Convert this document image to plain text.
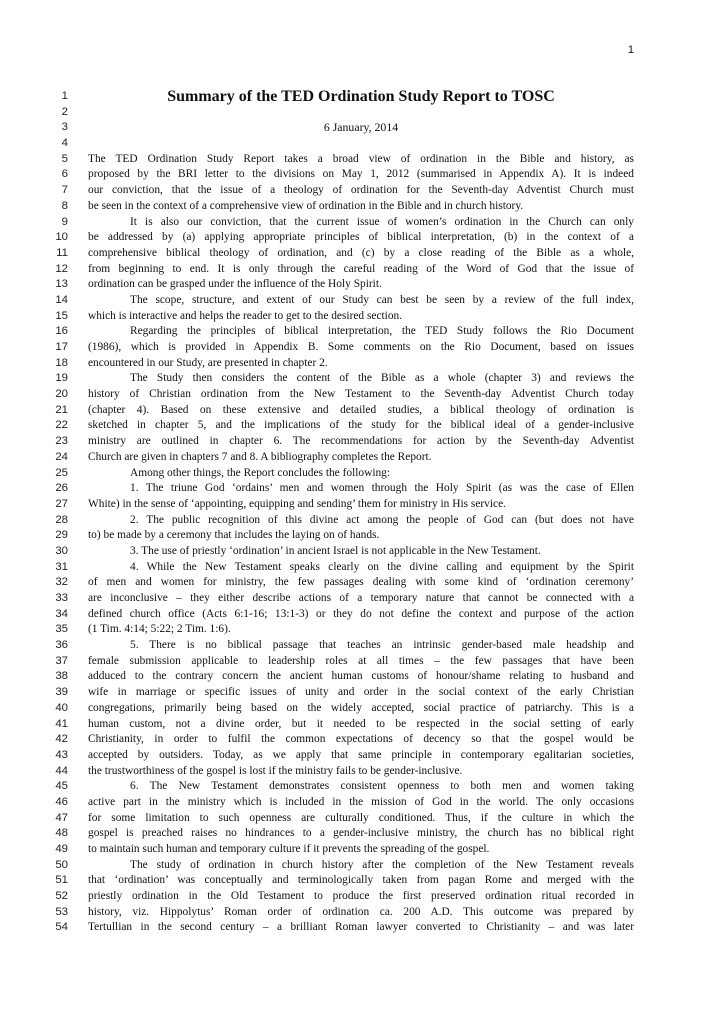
1
1	Summary of the TED Ordination Study Report to TOSC
2
3	6 January, 2014
4
5 The TED Ordination Study Report takes a broad view of ordination in the Bible and history, as
6 proposed by the BRI letter to the divisions on May 1, 2012 (summarised in Appendix A). It is indeed
7 our conviction, that the issue of a theology of ordination for the Seventh-day Adventist Church must
8 be seen in the context of a comprehensive view of ordination in the Bible and in church history.
9	It is also our conviction, that the current issue of women’s ordination in the Church can only
10 be addressed by (a) applying appropriate principles of biblical interpretation, (b) in the context of a
11 comprehensive biblical theology of ordination, and (c) by a close reading of the Bible as a whole,
12 from beginning to end. It is only through the careful reading of the Word of God that the issue of
13 ordination can be grasped under the influence of the Holy Spirit.
14	The scope, structure, and extent of our Study can best be seen by a review of the full index,
15 which is interactive and helps the reader to get to the desired section.
16	Regarding the principles of biblical interpretation, the TED Study follows the Rio Document
17 (1986), which is provided in Appendix B. Some comments on the Rio Document, based on issues
18 encountered in our Study, are presented in chapter 2.
19	The Study then considers the content of the Bible as a whole (chapter 3) and reviews the
20 history of Christian ordination from the New Testament to the Seventh-day Adventist Church today
21 (chapter 4). Based on these extensive and detailed studies, a biblical theology of ordination is
22 sketched in chapter 5, and the implications of the study for the biblical ideal of a gender-inclusive
23 ministry are outlined in chapter 6. The recommendations for action by the Seventh-day Adventist
24 Church are given in chapters 7 and 8. A bibliography completes the Report.
25	Among other things, the Report concludes the following:
26	1. The triune God ‘ordains’ men and women through the Holy Spirit (as was the case of Ellen
27 White) in the sense of ‘appointing, equipping and sending’ them for ministry in His service.
28	2. The public recognition of this divine act among the people of God can (but does not have
29 to) be made by a ceremony that includes the laying on of hands.
30	3. The use of priestly ‘ordination’ in ancient Israel is not applicable in the New Testament.
31	4. While the New Testament speaks clearly on the divine calling and equipment by the Spirit
32 of men and women for ministry, the few passages dealing with some kind of ‘ordination ceremony’
33 are inconclusive – they either describe actions of a temporary nature that cannot be connected with a
34 defined church office (Acts 6:1-16; 13:1-3) or they do not define the context and purpose of the action
35 (1 Tim. 4:14; 5:22; 2 Tim. 1:6).
36	5. There is no biblical passage that teaches an intrinsic gender-based male headship and
37 female submission applicable to leadership roles at all times – the few passages that have been
38 adduced to the contrary concern the ancient human customs of honour/shame relating to husband and
39 wife in marriage or specific issues of unity and order in the social context of the early Christian
40 congregations, primarily being based on the widely accepted, social practice of patriarchy. This is a
41 human custom, not a divine order, but it needed to be respected in the social setting of early
42 Christianity, in order to fulfil the common expectations of decency so that the gospel would be
43 accepted by outsiders. Today, as we apply that same principle in contemporary egalitarian societies,
44 the trustworthiness of the gospel is lost if the ministry fails to be gender-inclusive.
45	6. The New Testament demonstrates consistent openness to both men and women taking
46 active part in the ministry which is included in the mission of God in the world. The only occasions
47 for some limitation to such openness are culturally conditioned. Thus, if the culture in which the
48 gospel is preached raises no hindrances to a gender-inclusive ministry, the church has no biblical right
49 to maintain such human and temporary culture if it prevents the spreading of the gospel.
50	The study of ordination in church history after the completion of the New Testament reveals
51 that ‘ordination’ was conceptually and terminologically taken from pagan Rome and merged with the
52 priestly ordination in the Old Testament to produce the first preserved ordination ritual recorded in
53 history, viz. Hippolytus’ Roman order of ordination ca. 200 A.D. This outcome was prepared by
54 Tertullian in the second century – a brilliant Roman lawyer converted to Christianity – and was later
